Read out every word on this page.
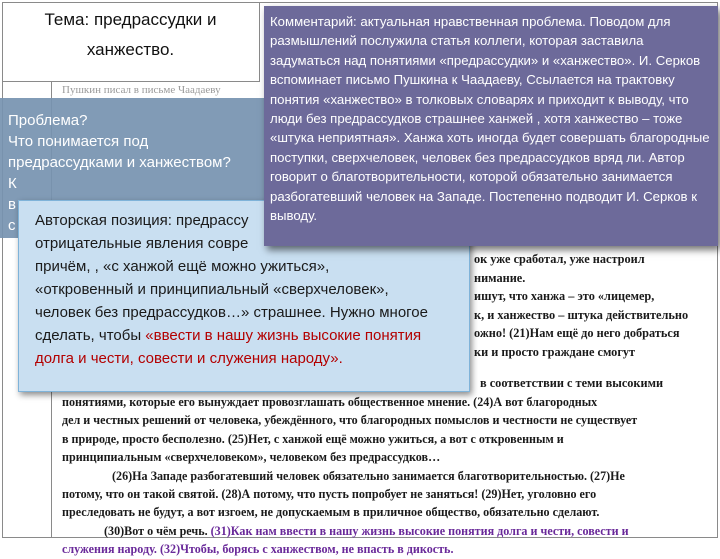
Тема: предрассудки и
ханжество.
Пушкин писал в письме Чаадаеву
ок уже сработал, уже настроил
нимание.
ишут, что ханжа – это «лицемер,
к, и ханжество – штука действительно
ожно! (21)Нам ещё до него добраться
ки и просто граждане смогут
в соответствии с теми высокими
понятиями, которые его вынуждает провозглашать общественное мнение. (24)А вот благородных
дел и честных решений от человека, убеждённого, что благородных помыслов и честности не существует
в природе, просто бесполезно. (25)Нет, с ханжой ещё можно ужиться, а вот с откровенным и
принципиальным «сверхчеловеком», человеком без предрассудков…
(26)На Западе разбогатевший человек обязательно занимается благотворительностью. (27)Не
потому, что он такой святой. (28)А потому, что пусть попробует не заняться! (29)Нет, уголовно его
преследовать не будут, а вот изгоем, не допускаемым в приличное общество, обязательно сделают.
(30)Вот о чём речь. (31)Как нам ввести в нашу жизнь высокие понятия долга и чести, совести и
служения народу. (32)Чтобы, борясь с ханжеством, не впасть в дикость.
Проблема?
Что понимается под
предрассудками и ханжеством?
К
в
с	Авторская позиция: предрассу
отрицательные явления совре
причём, , «с ханжой ещё можно ужиться»,
«откровенный и принципиальный «сверхчеловек»,
человек без предрассудков…» страшнее. Нужно многое
сделать, чтобы «ввести в нашу жизнь высокие понятия
долга и чести, совести и служения народу».
Комментарий: актуальная нравственная проблема. Поводом для размышлений послужила статья коллеги, которая заставила задуматься над понятиями «предрассудки» и «ханжество». И. Серков вспоминает письмо Пушкина к Чаадаеву, Ссылается на трактовку понятия «ханжество» в толковых словарях и приходит к выводу, что люди без предрассудков страшнее ханжей , хотя ханжество – тоже «штука неприятная». Ханжа хоть иногда будет совершать благородные поступки, сверхчеловек, человек без предрассудков вряд ли. Автор говорит о благотворительности, которой обязательно занимается разбогатевший человек на Западе. Постепенно подводит И. Серков к выводу.
